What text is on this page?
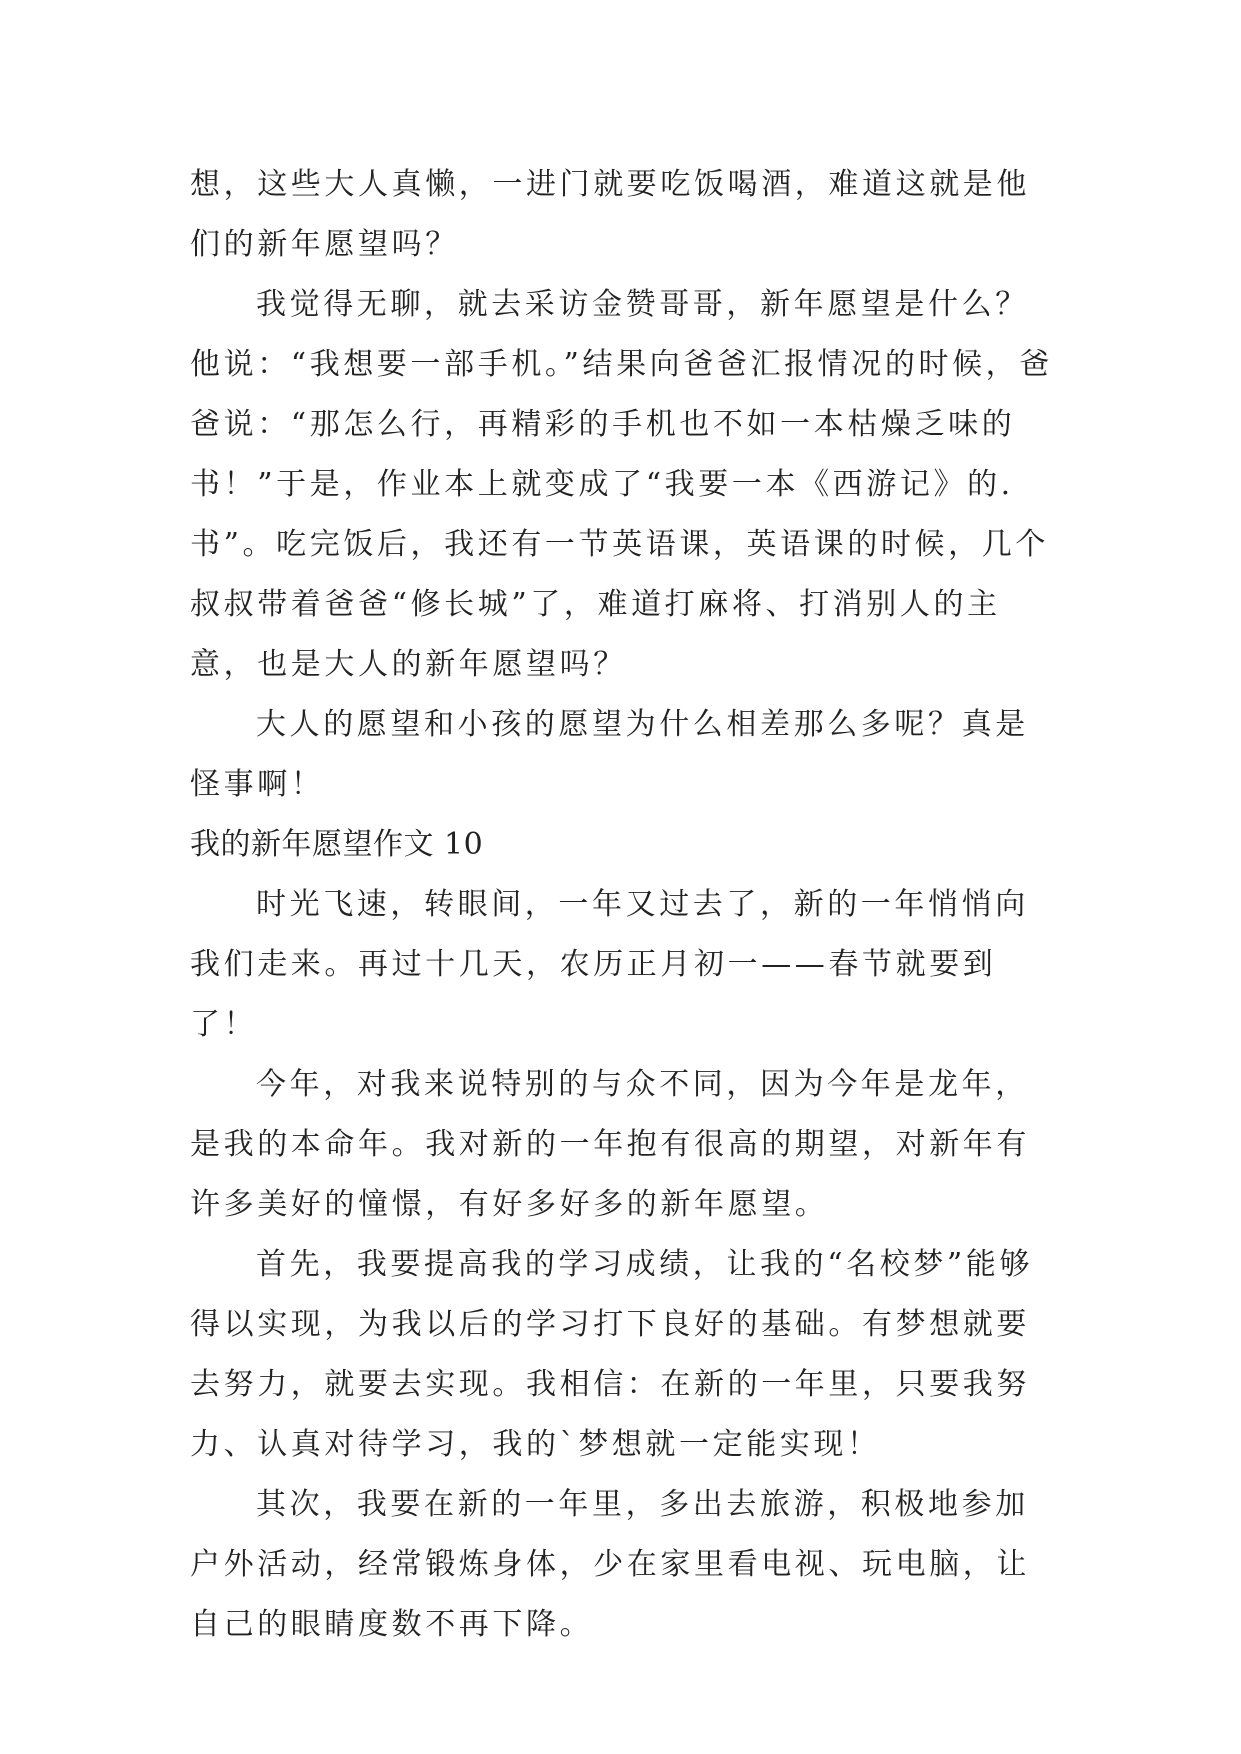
想，这些大人真懒，一进门就要吃饭喝酒，难道这就是他们的新年愿望吗？

我觉得无聊，就去采访金赞哥哥，新年愿望是什么？他说：“我想要一部手机。”结果向爸爸汇报情况的时候，爸爸说：“那怎么行，再精彩的手机也不如一本枯燥乏味的书！”于是，作业本上就变成了“我要一本《西游记》的.书”。吃完饭后，我还有一节英语课，英语课的时候，几个叔叔带着爸爸“修长城”了，难道打麻将、打消别人的主意，也是大人的新年愿望吗？

大人的愿望和小孩的愿望为什么相差那么多呢？真是怪事啊！

我的新年愿望作文 10

时光飞速，转眼间，一年又过去了，新的一年悄悄向我们走来。再过十几天，农历正月初一——春节就要到了！

今年，对我来说特别的与众不同，因为今年是龙年，是我的本命年。我对新的一年抱有很高的期望，对新年有许多美好的憧憬，有好多好多的新年愿望。

首先，我要提高我的学习成绩，让我的“名校梦”能够得以实现，为我以后的学习打下良好的基础。有梦想就要去努力，就要去实现。我相信：在新的一年里，只要我努力、认真对待学习，我的`梦想就一定能实现！

其次，我要在新的一年里，多出去旅游，积极地参加户外活动，经常锻炼身体，少在家里看电视、玩电脑，让自己的眼睛度数不再下降。
